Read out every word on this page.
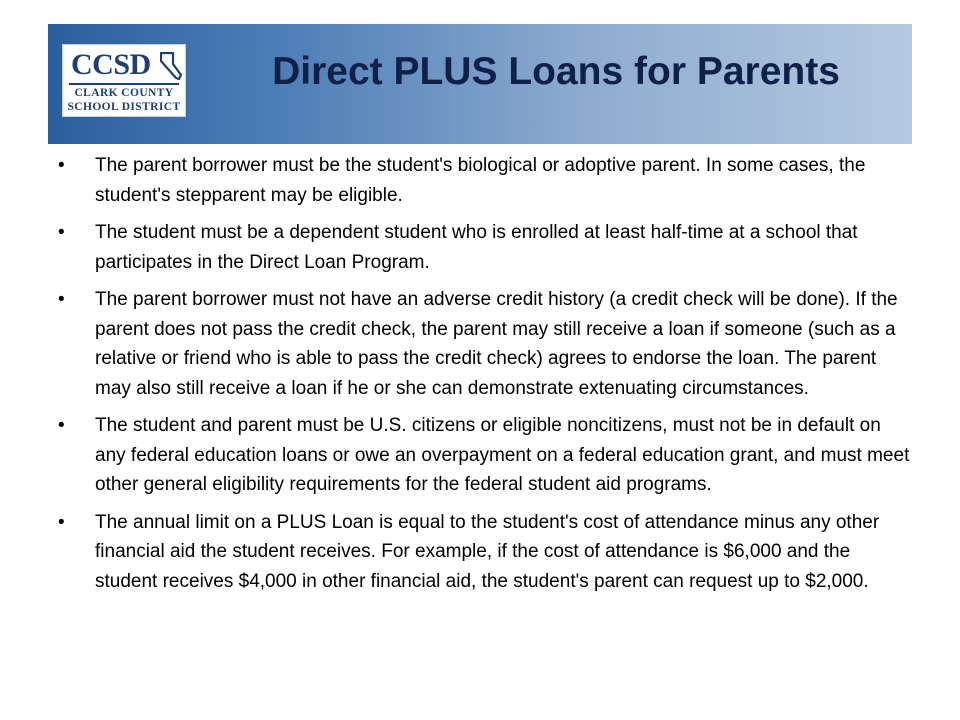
CCSD
CLARK COUNTY
SCHOOL DISTRICT
Direct PLUS Loans for Parents
•	The parent borrower must be the student's biological or adoptive parent. In some cases, the student's stepparent may be eligible.
•	The student must be a dependent student who is enrolled at least half-time at a school that participates in the Direct Loan Program.
•	The parent borrower must not have an adverse credit history (a credit check will be done). If the parent does not pass the credit check, the parent may still receive a loan if someone (such as a relative or friend who is able to pass the credit check) agrees to endorse the loan. The parent may also still receive a loan if he or she can demonstrate extenuating circumstances.
•	The student and parent must be U.S. citizens or eligible noncitizens, must not be in default on any federal education loans or owe an overpayment on a federal education grant, and must meet other general eligibility requirements for the federal student aid programs.
•	The annual limit on a PLUS Loan is equal to the student's cost of attendance minus any other financial aid the student receives. For example, if the cost of attendance is $6,000 and the student receives $4,000 in other financial aid, the student's parent can request up to $2,000.
